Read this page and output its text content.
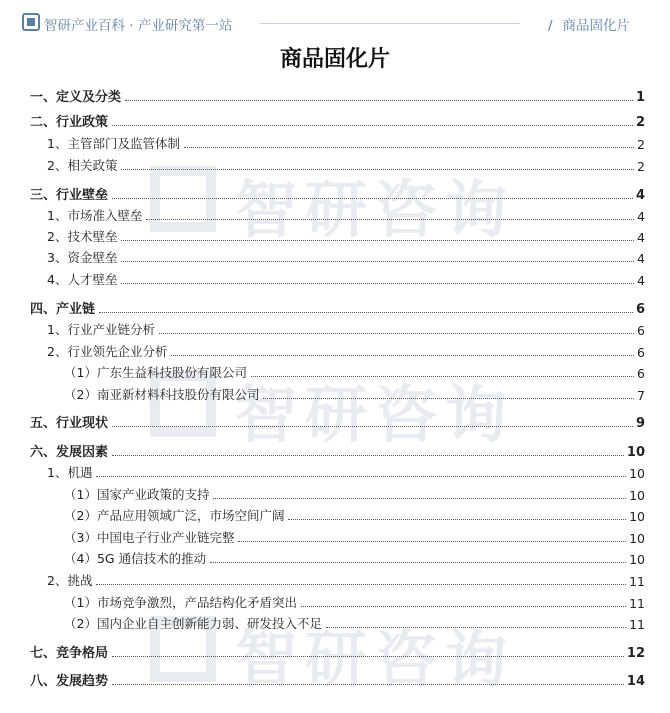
智研产业百科 · 产业研究第一站	/ 商品固化片
商品固化片
智研咨询
智研咨询
智研咨询
一、定义及分类	1
二、行业政策	2
1、主管部门及监管体制	2
2、相关政策	2
三、行业壁垒	4
1、市场准入壁垒	4
2、技术壁垒	4
3、资金壁垒	4
4、人才壁垒	4
四、产业链	6
1、行业产业链分析	6
2、行业领先企业分析	6
（1）广东生益科技股份有限公司	6
（2）南亚新材料科技股份有限公司	7
五、行业现状	9
六、发展因素	10
1、机遇	10
（1）国家产业政策的支持	10
（2）产品应用领域广泛，市场空间广阔	10
（3）中国电子行业产业链完整	10
（4）5G 通信技术的推动	10
2、挑战	11
（1）市场竞争激烈，产品结构化矛盾突出	11
（2）国内企业自主创新能力弱、研发投入不足	11
七、竞争格局	12
八、发展趋势	14
